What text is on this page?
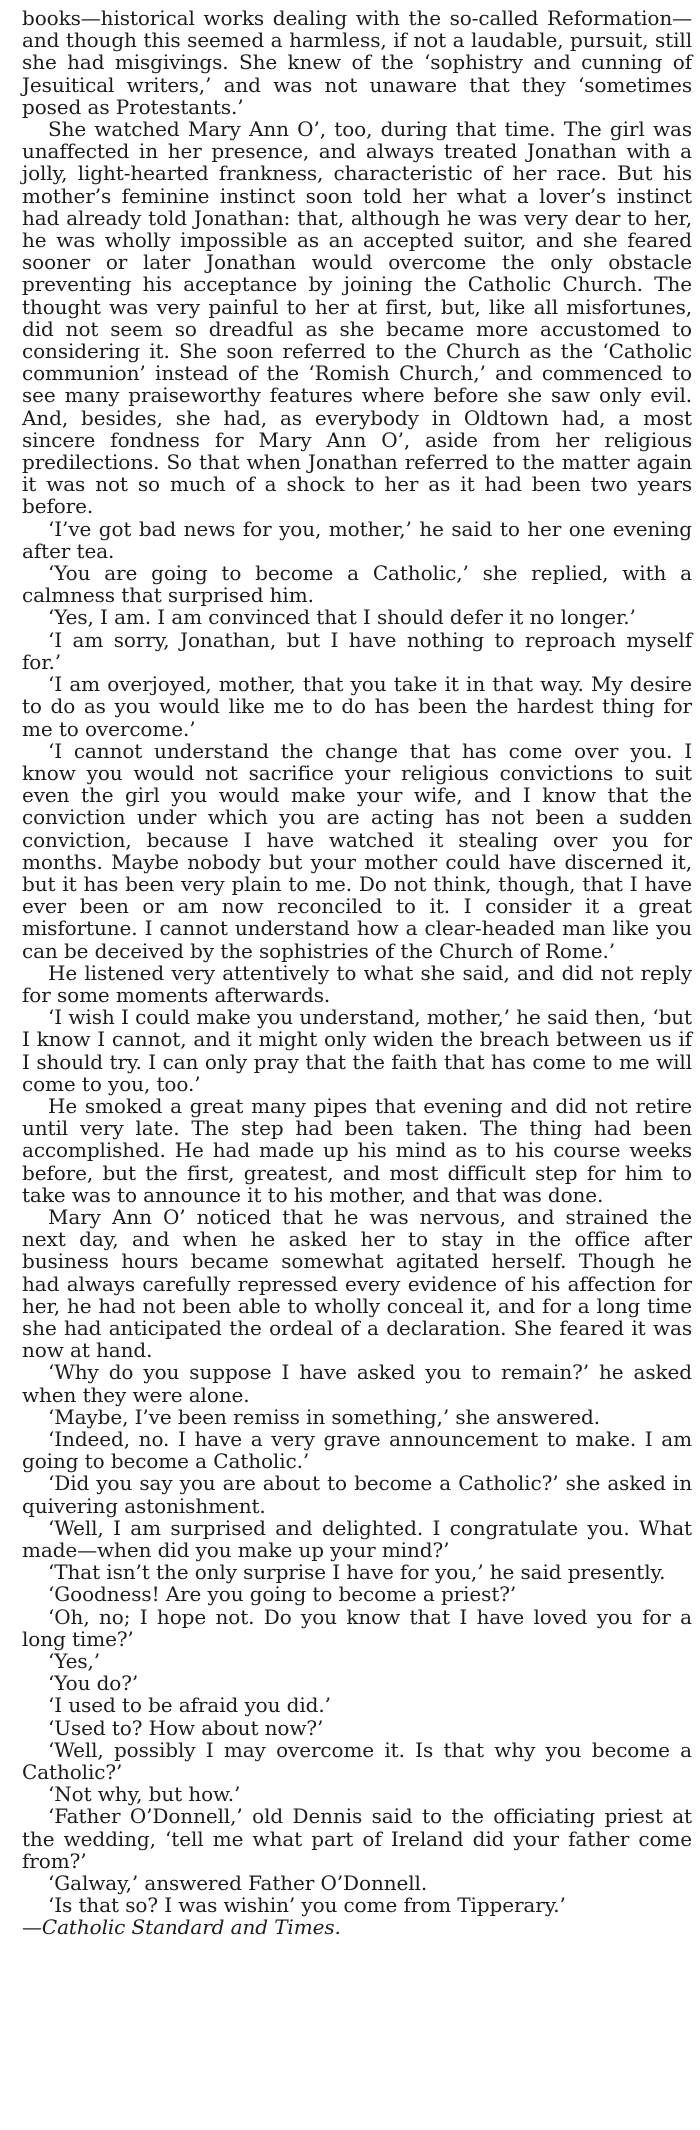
books—historical works dealing with the so-called Reformation—and though this seemed a harmless, if not a laudable, pursuit, still she had misgivings. She knew of the ‘sophistry and cunning of Jesuitical writers,’ and was not unaware that they ‘sometimes posed as Protestants.’

She watched Mary Ann O’, too, during that time. The girl was unaffected in her presence, and always treated Jonathan with a jolly, light-hearted frankness, characteristic of her race. But his mother’s feminine instinct soon told her what a lover’s instinct had already told Jonathan: that, although he was very dear to her, he was wholly impossible as an accepted suitor, and she feared sooner or later Jonathan would overcome the only obstacle preventing his acceptance by joining the Catholic Church. The thought was very painful to her at first, but, like all misfortunes, did not seem so dreadful as she became more accustomed to considering it. She soon referred to the Church as the ‘Catholic communion’ instead of the ‘Romish Church,’ and commenced to see many praiseworthy features where before she saw only evil. And, besides, she had, as everybody in Oldtown had, a most sincere fondness for Mary Ann O’, aside from her religious predilections. So that when Jonathan referred to the matter again it was not so much of a shock to her as it had been two years before.

‘I’ve got bad news for you, mother,’ he said to her one evening after tea.

‘You are going to become a Catholic,’ she replied, with a calmness that surprised him.

‘Yes, I am. I am convinced that I should defer it no longer.’

‘I am sorry, Jonathan, but I have nothing to reproach myself for.’

‘I am overjoyed, mother, that you take it in that way. My desire to do as you would like me to do has been the hardest thing for me to overcome.’

‘I cannot understand the change that has come over you. I know you would not sacrifice your religious convictions to suit even the girl you would make your wife, and I know that the conviction under which you are acting has not been a sudden conviction, because I have watched it stealing over you for months. Maybe nobody but your mother could have discerned it, but it has been very plain to me. Do not think, though, that I have ever been or am now reconciled to it. I consider it a great misfortune. I cannot understand how a clear-headed man like you can be deceived by the sophistries of the Church of Rome.’

He listened very attentively to what she said, and did not reply for some moments afterwards.

‘I wish I could make you understand, mother,’ he said then, ‘but I know I cannot, and it might only widen the breach between us if I should try. I can only pray that the faith that has come to me will come to you, too.’

He smoked a great many pipes that evening and did not retire until very late. The step had been taken. The thing had been accomplished. He had made up his mind as to his course weeks before, but the first, greatest, and most difficult step for him to take was to announce it to his mother, and that was done.

Mary Ann O’ noticed that he was nervous, and strained the next day, and when he asked her to stay in the office after business hours became somewhat agitated herself. Though he had always carefully repressed every evidence of his affection for her, he had not been able to wholly conceal it, and for a long time she had anticipated the ordeal of a declaration. She feared it was now at hand.

‘Why do you suppose I have asked you to remain?’ he asked when they were alone.

‘Maybe, I’ve been remiss in something,’ she answered.

‘Indeed, no. I have a very grave announcement to make. I am going to become a Catholic.’

‘Did you say you are about to become a Catholic?’ she asked in quivering astonishment.

‘Well, I am surprised and delighted. I congratulate you. What made—when did you make up your mind?’

‘That isn’t the only surprise I have for you,’ he said presently.

‘Goodness! Are you going to become a priest?’

‘Oh, no; I hope not. Do you know that I have loved you for a long time?’

‘Yes,’

‘You do?’

‘I used to be afraid you did.’

‘Used to? How about now?’

‘Well, possibly I may overcome it. Is that why you become a Catholic?’

‘Not why, but how.’

‘Father O’Donnell,’ old Dennis said to the officiating priest at the wedding, ‘tell me what part of Ireland did your father come from?’

‘Galway,’ answered Father O’Donnell.

‘Is that so? I was wishin’ you come from Tipperary.’

—Catholic Standard and Times.
